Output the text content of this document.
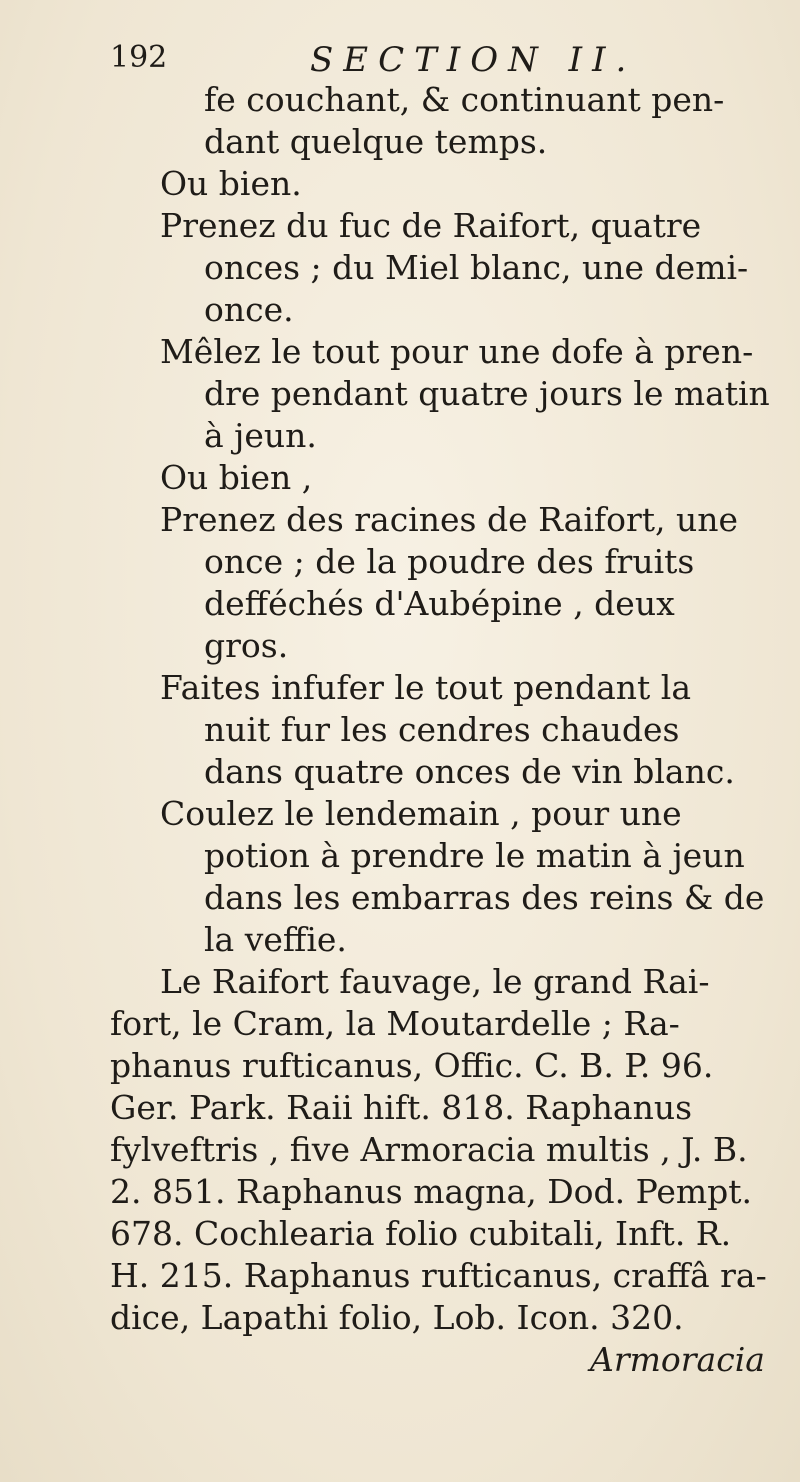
192	SECTION II.
fe couchant, & continuant pen-
dant quelque temps.
Ou bien.
Prenez du fuc de Raifort, quatre
onces ; du Miel blanc, une demi-
once.
Mêlez le tout pour une dofe à pren-
dre pendant quatre jours le matin
à jeun.
Ou bien ,
Prenez des racines de Raifort, une
once ; de la poudre des fruits
defféchés d'Aubépine , deux
gros.
Faites infufer le tout pendant la
nuit fur les cendres chaudes
dans quatre onces de vin blanc.
Coulez le lendemain , pour une
potion à prendre le matin à jeun
dans les embarras des reins & de
la veffie.
Le Raifort fauvage, le grand Rai-
fort, le Cram, la Moutardelle ; Ra-
phanus rufticanus, Offic. C. B. P. 96.
Ger. Park. Raii hift. 818. Raphanus
fylveftris , five Armoracia multis , J. B.
2. 851. Raphanus magna, Dod. Pempt.
678. Cochlearia folio cubitali, Inft. R.
H. 215. Raphanus rufticanus, craffâ ra-
dice, Lapathi folio, Lob. Icon. 320.
Armoracia
